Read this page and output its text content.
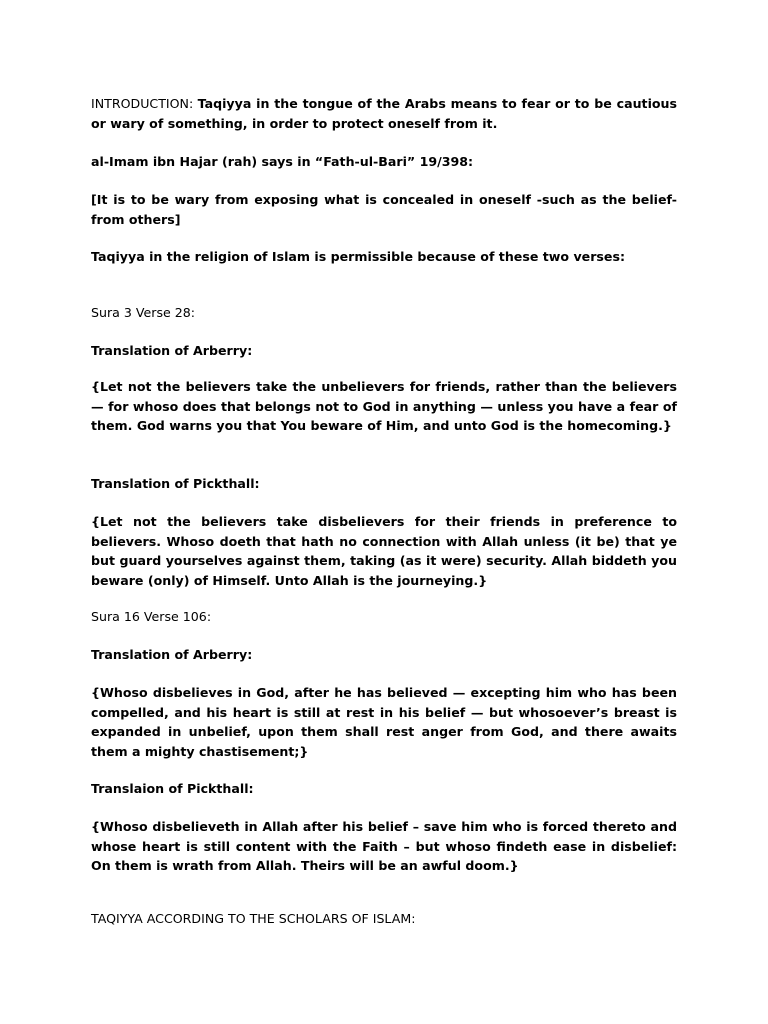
INTRODUCTION: Taqiyya in the tongue of the Arabs means to fear or to be cautious or wary of something, in order to protect oneself from it.

al-Imam ibn Hajar (rah) says in “Fath-ul-Bari” 19/398:

[It is to be wary from exposing what is concealed in oneself -such as the belief- from others]

Taqiyya in the religion of Islam is permissible because of these two verses:

Sura 3 Verse 28:

Translation of Arberry:

{Let not the believers take the unbelievers for friends, rather than the believers — for whoso does that belongs not to God in anything — unless you have a fear of them. God warns you that You beware of Him, and unto God is the homecoming.}

Translation of Pickthall:

{Let not the believers take disbelievers for their friends in preference to believers. Whoso doeth that hath no connection with Allah unless (it be) that ye but guard yourselves against them, taking (as it were) security. Allah biddeth you beware (only) of Himself. Unto Allah is the journeying.}

Sura 16 Verse 106:

Translation of Arberry:

{Whoso disbelieves in God, after he has believed — excepting him who has been compelled, and his heart is still at rest in his belief — but whosoever’s breast is expanded in unbelief, upon them shall rest anger from God, and there awaits them a mighty chastisement;}

Translaion of Pickthall:

{Whoso disbelieveth in Allah after his belief – save him who is forced thereto and whose heart is still content with the Faith – but whoso findeth ease in disbelief: On them is wrath from Allah. Theirs will be an awful doom.}

TAQIYYA ACCORDING TO THE SCHOLARS OF ISLAM:
